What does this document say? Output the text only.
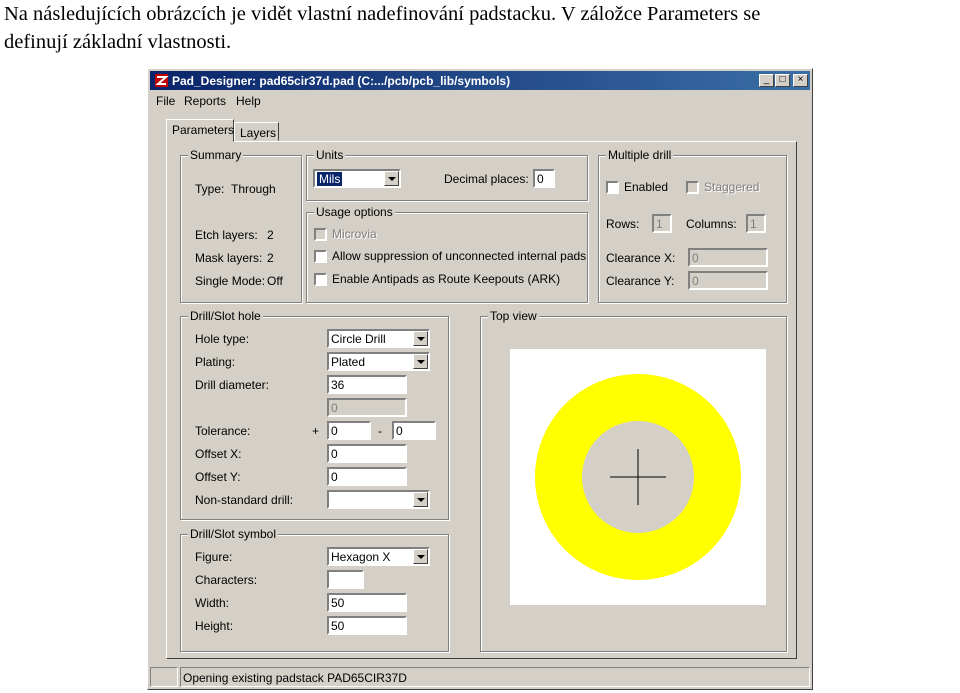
Na následujících obrázcích je vidět vlastní nadefinování padstacku. V záložce Parameters se
definují základní vlastnosti.
Pad_Designer: pad65cir37d.pad (C:.../pcb/pcb_lib/symbols)	_	□	×
File Reports Help
Parameters Layers
Summary
Type: Through
Etch layers: 2
Mask layers: 2
Single Mode: Off
Units
Mils	Decimal places: 0
Usage options
Microvia
Allow suppression of unconnected internal pads
Enable Antipads as Route Keepouts (ARK)
Multiple drill
Enabled	Staggered
Rows:	1	Columns:	1
Clearance X:	0
Clearance Y:	0
Drill/Slot hole
Hole type:	Circle Drill
Plating:	Plated
Drill diameter:	36
0
Tolerance:	+ 0	-	0
Offset X:	0
Offset Y:	0
Non-standard drill:
Drill/Slot symbol
Figure:	Hexagon X
Characters:
Width:	50
Height:	50
Top view
Opening existing padstack PAD65CIR37D
